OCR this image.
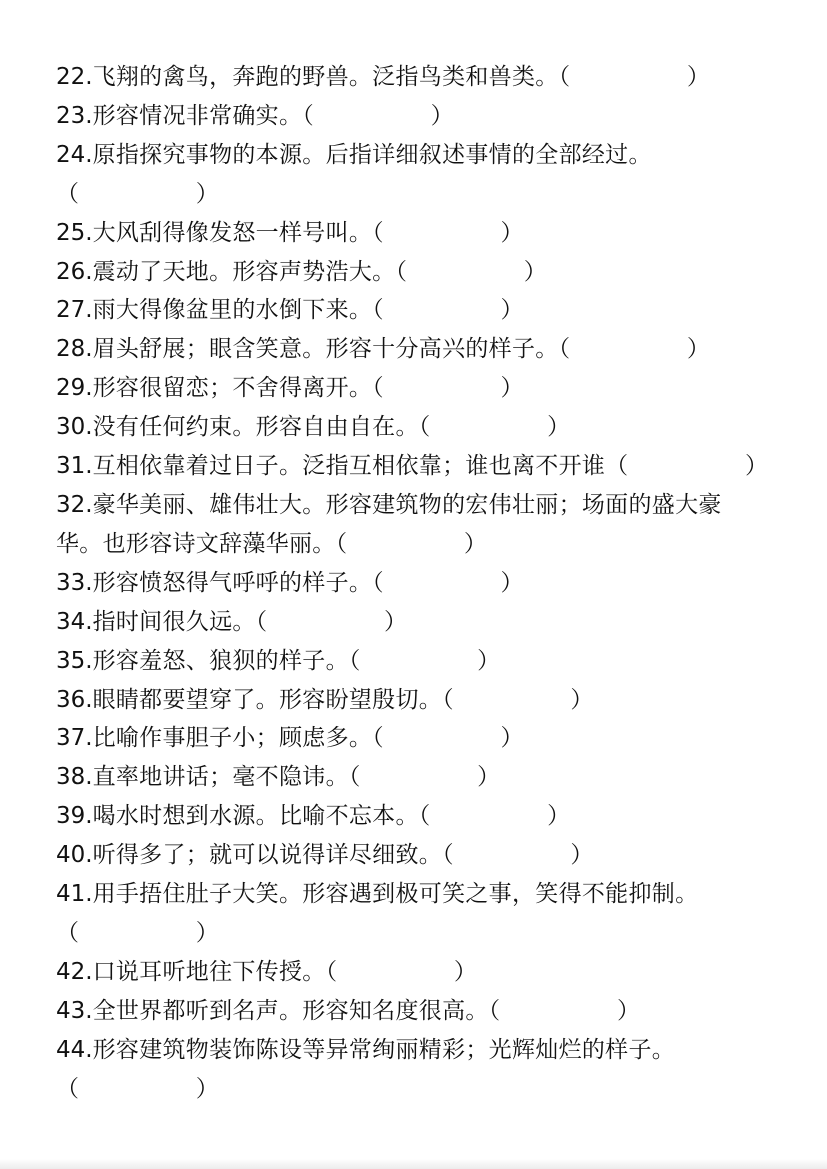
22.飞翔的禽鸟，奔跑的野兽。泛指鸟类和兽类。（　　　　　）
23.形容情况非常确实。（　　　　　）
24.原指探究事物的本源。后指详细叙述事情的全部经过。
（　　　　　）
25.大风刮得像发怒一样号叫。（　　　　　）
26.震动了天地。形容声势浩大。（　　　　　）
27.雨大得像盆里的水倒下来。（　　　　　）
28.眉头舒展；眼含笑意。形容十分高兴的样子。（　　　　　）
29.形容很留恋；不舍得离开。（　　　　　）
30.没有任何约束。形容自由自在。（　　　　　）
31.互相依靠着过日子。泛指互相依靠；谁也离不开谁（　　　　　）
32.豪华美丽、雄伟壮大。形容建筑物的宏伟壮丽；场面的盛大豪
华。也形容诗文辞藻华丽。（　　　　　）
33.形容愤怒得气呼呼的样子。（　　　　　）
34.指时间很久远。（　　　　　）
35.形容羞怒、狼狈的样子。（　　　　　）
36.眼睛都要望穿了。形容盼望殷切。（　　　　　）
37.比喻作事胆子小；顾虑多。（　　　　　）
38.直率地讲话；毫不隐讳。（　　　　　）
39.喝水时想到水源。比喻不忘本。（　　　　　）
40.听得多了；就可以说得详尽细致。（　　　　　）
41.用手捂住肚子大笑。形容遇到极可笑之事，笑得不能抑制。
（　　　　　）
42.口说耳听地往下传授。（　　　　　）
43.全世界都听到名声。形容知名度很高。（　　　　　）
44.形容建筑物装饰陈设等异常绚丽精彩；光辉灿烂的样子。
（　　　　　）
